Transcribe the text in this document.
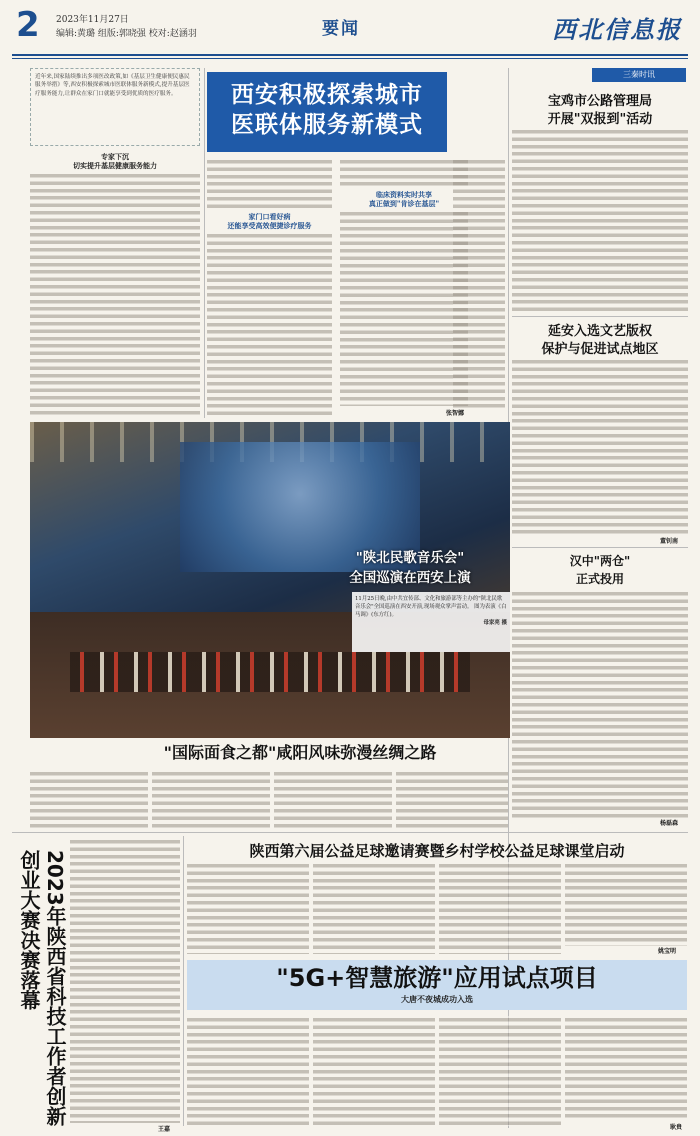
2 2023年11月27日
编辑:黄璐 组版:郭晓强 校对:赵涵羽	要闻	西北信息报
近年来,国家陆续推出多项医改政策,如《基层卫生健康便民惠民服务举措》等,西安积极探索城市医联体服务新模式,提升基层医疗服务能力,让群众在家门口就能享受到优质的医疗服务。
专家下沉
切实提升基层健康服务能力
西安积极探索城市
医联体服务新模式
家门口看好病
还能享受高效便捷诊疗服务
临床资料实时共享
真正做到"肯诊在基层"
张智娜
三秦时讯
宝鸡市公路管理局
开展"双报到"活动
延安入选文艺版权
保护与促进试点地区
董钊南
汉中"两仓"
正式投用
杨磊森
"陕北民歌音乐会"
全国巡演在西安上演
11月25日晚,由中共宜传部、文化和旅游部等主办的"陕北民歌音乐会"全国巡演在西安开演,现场观众掌声雷动。 图为表演《白马调》(东方红)。
母家亮 摄
"国际面食之都"咸阳风味弥漫丝绸之路
2023年陕西省科技工作者创新创业大赛决赛落幕
王嘉
陕西第六届公益足球邀请赛暨乡村学校公益足球课堂启动
姚宝明
"5G+智慧旅游"应用试点项目
大唐不夜城成功入选
耿贵
